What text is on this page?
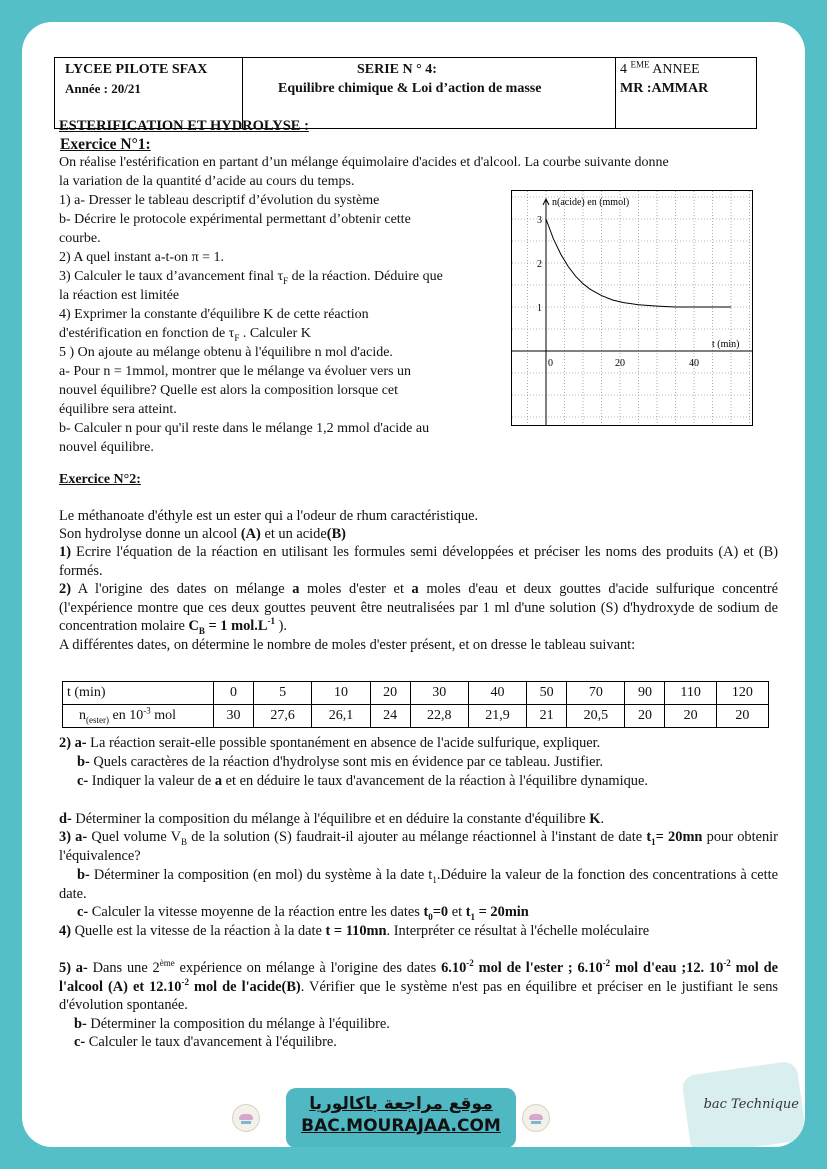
LYCEE PILOTE SFAX
Année : 20/21
SERIE N ° 4:
Equilibre chimique & Loi d’action de masse
4 $^{EME}$ ANNEE
MR :AMMAR
ESTERIFICATION ET HYDROLYSE :
Exercice N°1:
On réalise l'estérification en partant d’un mélange équimolaire d'acides et d'alcool. La courbe suivante donne
la variation de la quantité d’acide au cours du temps.
1) a- Dresser le tableau descriptif d’évolution du système
b- Décrire le protocole expérimental permettant d’obtenir cette
courbe.
2) A quel instant a-t-on π = 1.
3) Calculer le taux d’avancement final $\tau_F$ de la réaction. Déduire que
la réaction est limitée
4) Exprimer la constante d'équilibre K de cette réaction
d'estérification en fonction de $\tau_F$ . Calculer K
5 ) On ajoute au mélange obtenu à l'équilibre n mol d'acide.
a- Pour n = 1mmol, montrer que le mélange va évoluer vers un
nouvel équilibre? Quelle est alors la composition lorsque cet
équilibre sera atteint.
b- Calculer n pour qu'il reste dans le mélange 1,2 mmol d'acide au
nouvel équilibre.
n(acide) en (mmol)
t (min)
0	20	40
1
2
3
Exercice N°2:
Le méthanoate d'éthyle est un ester qui a l'odeur de rhum caractéristique.
Son hydrolyse donne un alcool (A) et un acide(B)
1) Ecrire l'équation de la réaction en utilisant les formules semi développées et préciser les noms des produits (A) et (B) formés.
2) A l'origine des dates on mélange a moles d'ester et a moles d'eau et deux gouttes d'acide sulfurique concentré (l'expérience montre que ces deux gouttes peuvent être neutralisées par 1 ml d'une solution (S) d'hydroxyde de sodium de concentration molaire $C_B = 1$ $mol.L^{-1}$ ).
A différentes dates, on détermine le nombre de moles d'ester présent, et on dresse le tableau suivant:
t (min)	0	5	10	20	30	40	50	70	90	110	120
$n_{(ester)}$ en $10^{-3}$ mol	30	27,6	26,1	24	22,8	21,9	21	20,5	20	20	20
2) a- La réaction serait-elle possible spontanément en absence de l'acide sulfurique, expliquer.
b- Quels caractères de la réaction d'hydrolyse sont mis en évidence par ce tableau. Justifier.
c- Indiquer la valeur de a et en déduire le taux d'avancement de la réaction à l'équilibre dynamique.
d- Déterminer la composition du mélange à l'équilibre et en déduire la constante d'équilibre K.
3) a- Quel volume $V_B$ de la solution (S) faudrait-il ajouter au mélange réactionnel à l'instant de date $t_1= 20mn$ pour obtenir l'équivalence?
b- Déterminer la composition (en mol) du système à la date $t_1.Déduire$ la valeur de la fonction des concentrations à cette date.
c- Calculer la vitesse moyenne de la réaction entre les dates $t_0=0$ et $t_1 = 20\min$
4) Quelle est la vitesse de la réaction à la date t = 110mn. Interpréter ce résultat à l'échelle moléculaire
5) a- Dans une 2ème expérience on mélange à l'origine des dates $6.10^{-2}$ mol de l'ester ; $6.10^{-2}$ mol d'eau ;12. $10^{-2}$ mol de l'alcool (A) et $12.10^{-2}$ mol de l'acide(B). Vérifier que le système n'est pas en équilibre et préciser en le justifiant le sens d'évolution spontanée.
b- Déterminer la composition du mélange à l'équilibre.
c- Calculer le taux d'avancement à l'équilibre.
موقع مراجعة باكالوريا
BAC.MOURAJAA.COM
bac Technique
